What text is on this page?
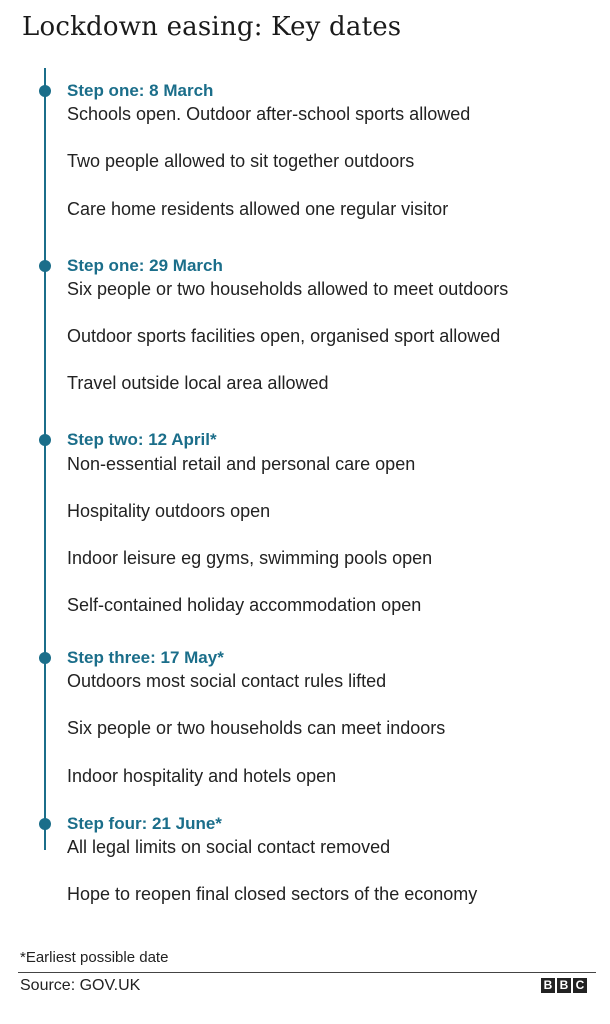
Lockdown easing: Key dates
Step one: 8 March
Schools open. Outdoor after-school sports allowed
Two people allowed to sit together outdoors
Care home residents allowed one regular visitor
Step one: 29 March
Six people or two households allowed to meet outdoors
Outdoor sports facilities open, organised sport allowed
Travel outside local area allowed
Step two: 12 April*
Non-essential retail and personal care open
Hospitality outdoors open
Indoor leisure eg gyms, swimming pools open
Self-contained holiday accommodation open
Step three: 17 May*
Outdoors most social contact rules lifted
Six people or two households can meet indoors
Indoor hospitality and hotels open
Step four: 21 June*
All legal limits on social contact removed
Hope to reopen final closed sectors of the economy
*Earliest possible date
Source: GOV.UK	B B C
